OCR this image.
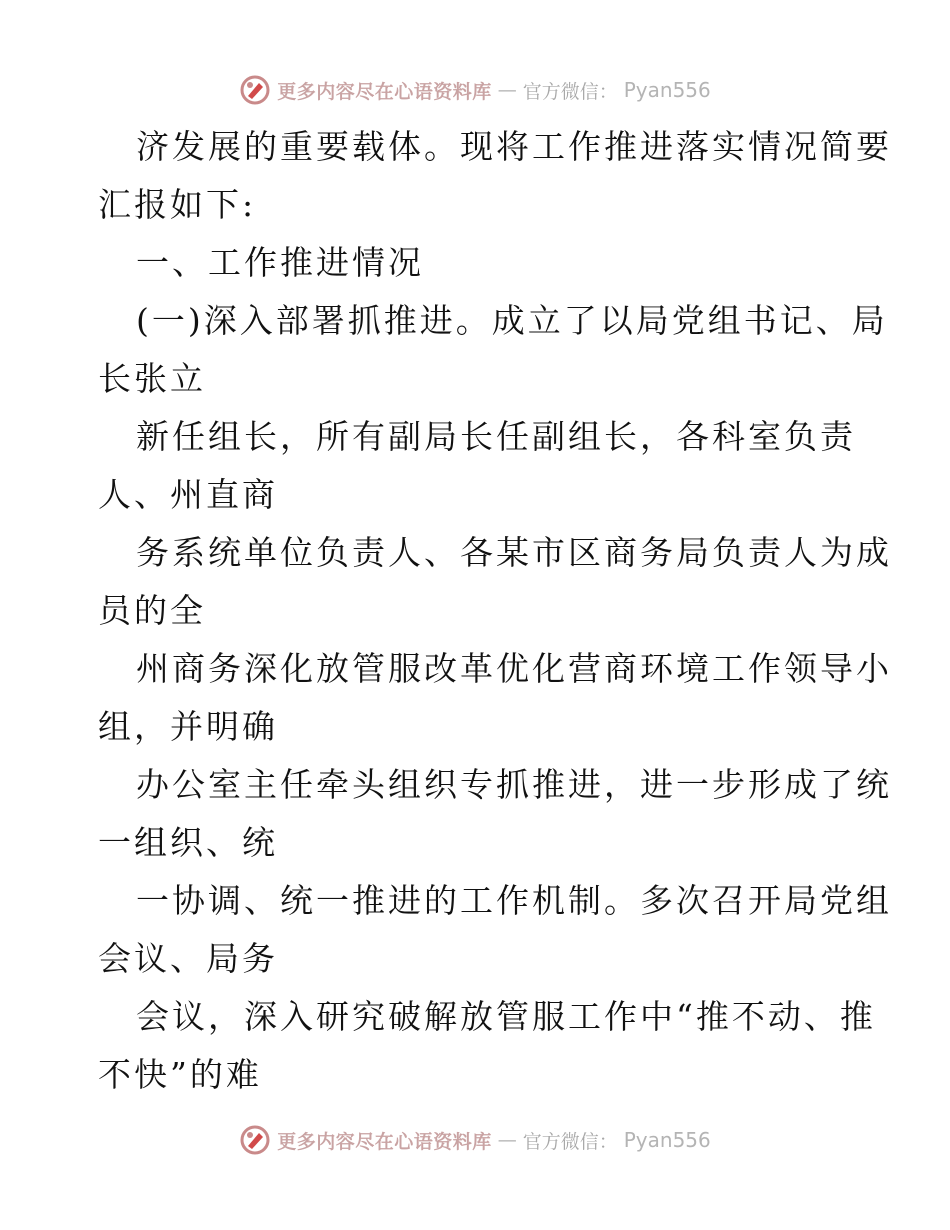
更多内容尽在心语资料库 — 官方微信： Pyan556
济发展的重要载体。现将工作推进落实情况简要
汇报如下:
一、工作推进情况
(一)深入部署抓推进。成立了以局党组书记、局
长张立
新任组长，所有副局长任副组长，各科室负责
人、州直商
务系统单位负责人、各某市区商务局负责人为成
员的全
州商务深化放管服改革优化营商环境工作领导小
组，并明确
办公室主任牵头组织专抓推进，进一步形成了统
一组织、统
一协调、统一推进的工作机制。多次召开局党组
会议、局务
会议，深入研究破解放管服工作中“推不动、推
不快”的难
更多内容尽在心语资料库 — 官方微信： Pyan556
